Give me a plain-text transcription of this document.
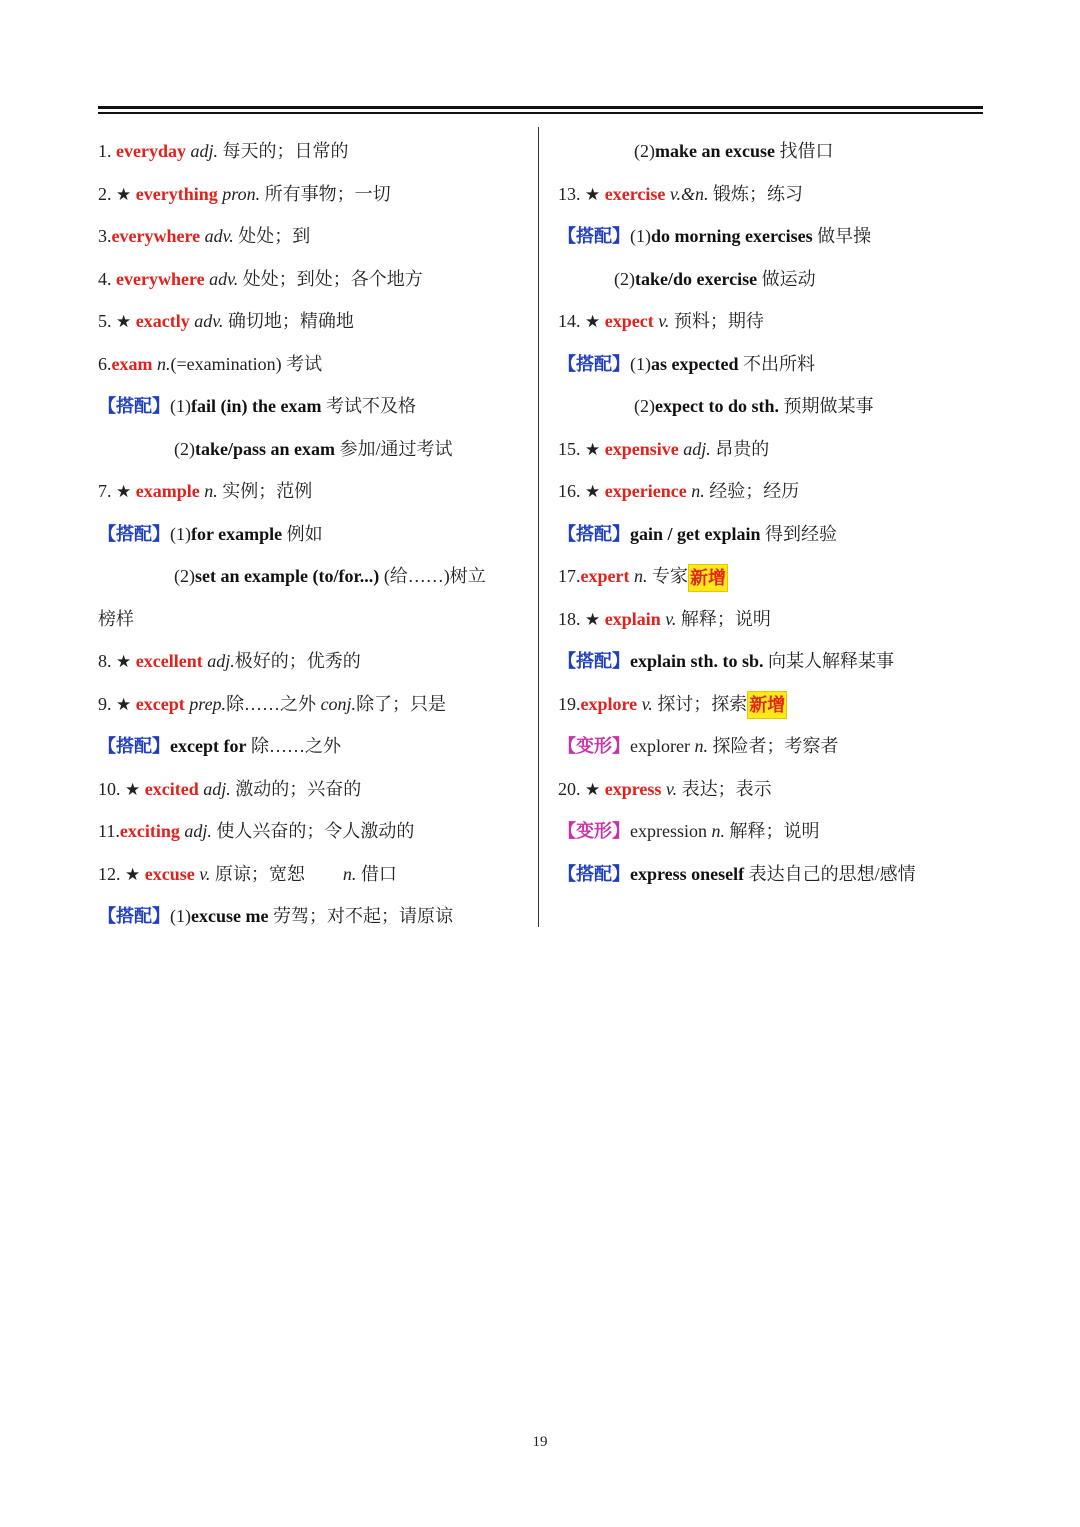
1. everyday adj. 每天的；日常的
2. ★ everything pron. 所有事物；一切
3.everywhere adv. 处处；到
4. everywhere adv. 处处；到处；各个地方
5. ★ exactly adv. 确切地；精确地
6.exam n.(=examination) 考试
【搭配】(1)fail (in) the exam 考试不及格
(2)take/pass an exam 参加/通过考试
7. ★ example n. 实例；范例
【搭配】(1)for example 例如
(2)set an example (to/for...) (给……)树立
榜样
8. ★ excellent adj.极好的；优秀的
9. ★ except prep.除……之外 conj.除了；只是
【搭配】except for 除……之外
10. ★ excited adj. 激动的；兴奋的
11.exciting adj. 使人兴奋的；令人激动的
12. ★ excuse v. 原谅；宽恕 n. 借口
【搭配】(1)excuse me 劳驾；对不起；请原谅
(2)make an excuse 找借口
13. ★ exercise v.&n. 锻炼；练习
【搭配】(1)do morning exercises 做早操
(2)take/do exercise 做运动
14. ★ expect v. 预料；期待
【搭配】(1)as expected 不出所料
(2)expect to do sth. 预期做某事
15. ★ expensive adj. 昂贵的
16. ★ experience n. 经验；经历
【搭配】gain / get explain 得到经验
17.expert n. 专家 新增
18. ★ explain v. 解释；说明
【搭配】explain sth. to sb. 向某人解释某事
19.explore v. 探讨；探索 新增
【变形】explorer n. 探险者；考察者
20. ★ express v. 表达；表示
【变形】expression n. 解释；说明
【搭配】express oneself 表达自己的思想/感情
19
